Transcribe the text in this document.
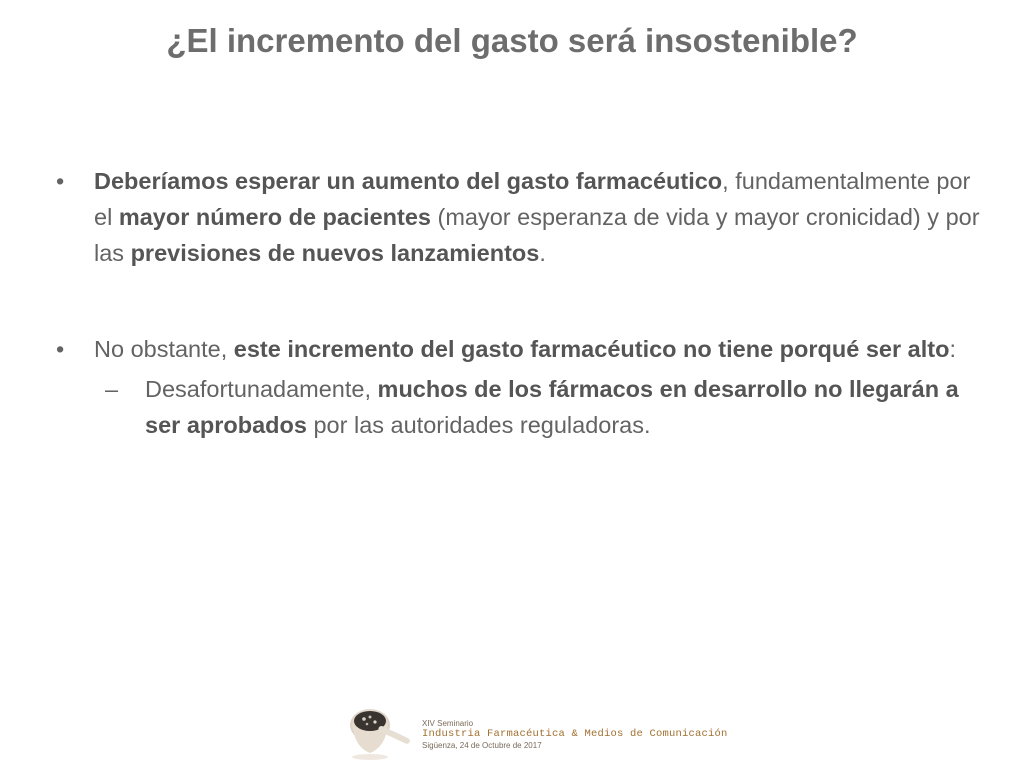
¿El incremento del gasto será insostenible?

• Deberíamos esperar un aumento del gasto farmacéutico, fundamentalmente por el mayor número de pacientes (mayor esperanza de vida y mayor cronicidad) y por las previsiones de nuevos lanzamientos.

• No obstante, este incremento del gasto farmacéutico no tiene porqué ser alto:

– Desafortunadamente, muchos de los fármacos en desarrollo no llegarán a ser aprobados por las autoridades reguladoras.

XIV Seminario
Industria Farmacéutica & Medios de Comunicación
Sigüenza, 24 de Octubre de 2017
